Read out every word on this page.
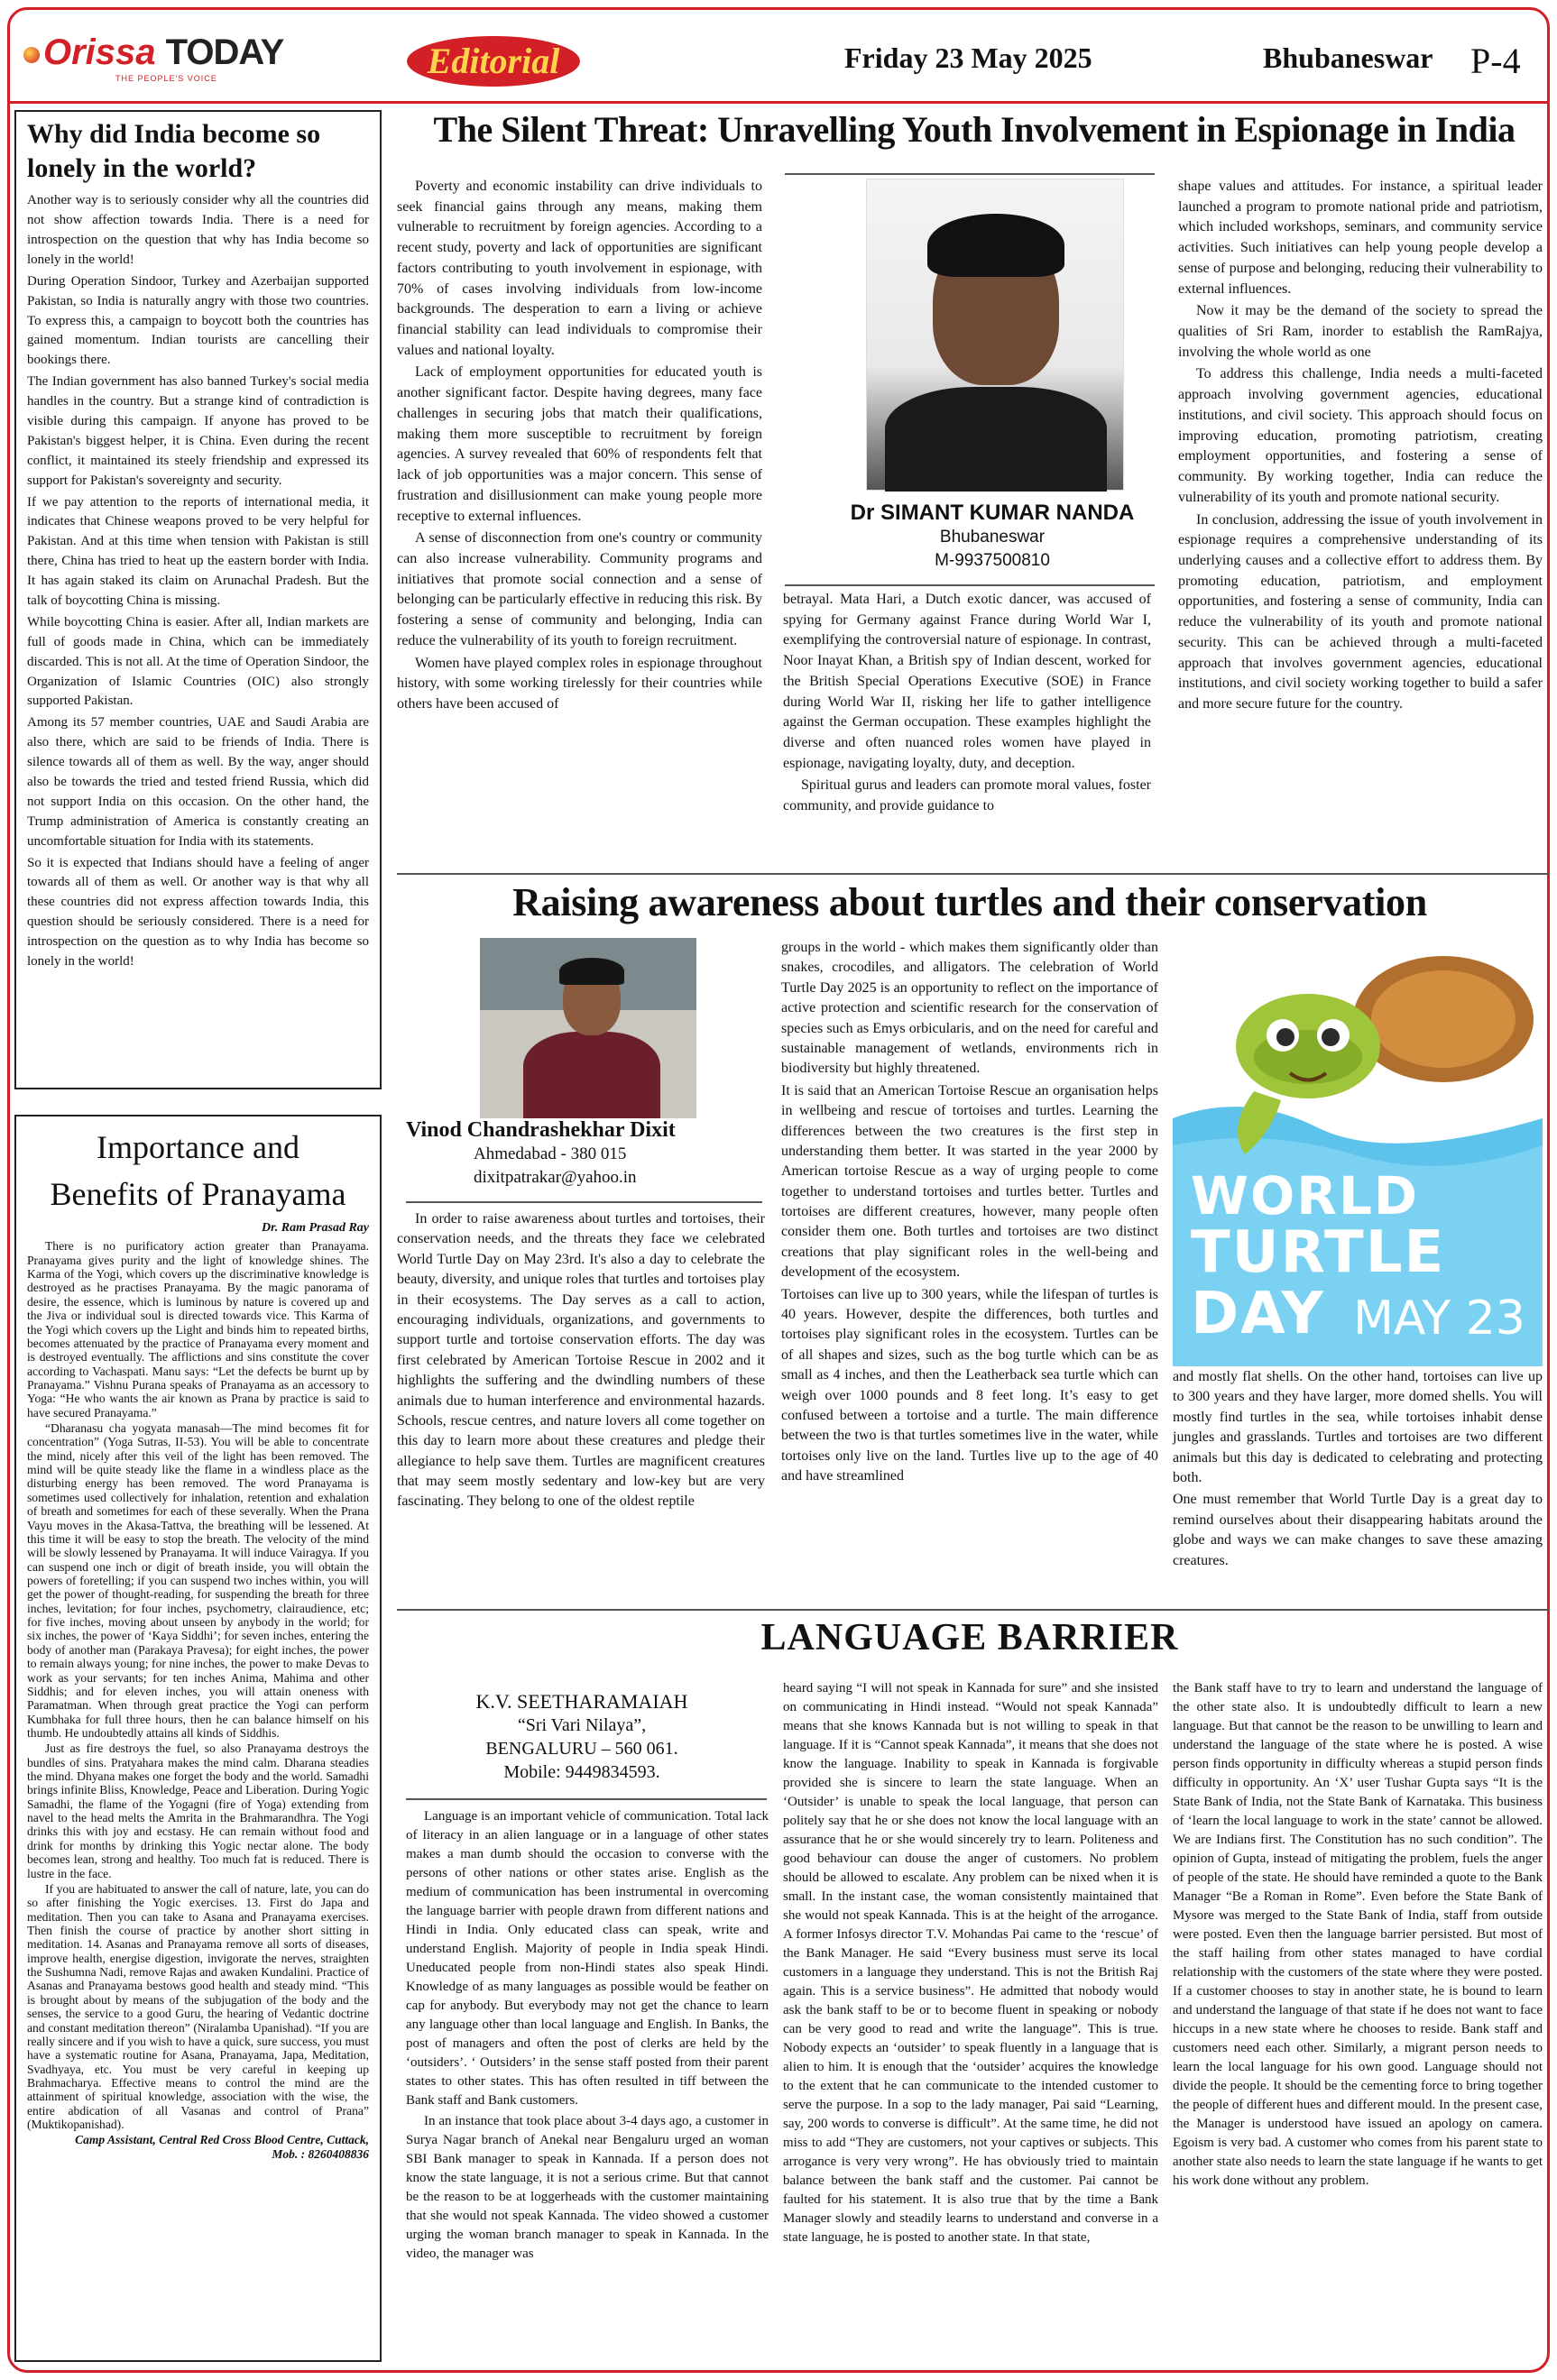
Orissa TODAY
THE PEOPLE'S VOICE	Editorial	Friday 23 May 2025	Bhubaneswar P-4
Why did India become so lonely in the world?

Another way is to seriously consider why all the countries did not show affection towards India. There is a need for introspection on the question that why has India become so lonely in the world!

During Operation Sindoor, Turkey and Azerbaijan supported Pakistan, so India is naturally angry with those two countries. To express this, a campaign to boycott both the countries has gained momentum. Indian tourists are cancelling their bookings there.

The Indian government has also banned Turkey's social media handles in the country. But a strange kind of contradiction is visible during this campaign. If anyone has proved to be Pakistan's biggest helper, it is China. Even during the recent conflict, it maintained its steely friendship and expressed its support for Pakistan's sovereignty and security.

If we pay attention to the reports of international media, it indicates that Chinese weapons proved to be very helpful for Pakistan. And at this time when tension with Pakistan is still there, China has tried to heat up the eastern border with India. It has again staked its claim on Arunachal Pradesh. But the talk of boycotting China is missing.

While boycotting China is easier. After all, Indian markets are full of goods made in China, which can be immediately discarded. This is not all. At the time of Operation Sindoor, the Organization of Islamic Countries (OIC) also strongly supported Pakistan.

Among its 57 member countries, UAE and Saudi Arabia are also there, which are said to be friends of India. There is silence towards all of them as well. By the way, anger should also be towards the tried and tested friend Russia, which did not support India on this occasion. On the other hand, the Trump administration of America is constantly creating an uncomfortable situation for India with its statements.

So it is expected that Indians should have a feeling of anger towards all of them as well. Or another way is that why all these countries did not express affection towards India, this question should be seriously considered. There is a need for introspection on the question as to why India has become so lonely in the world!

Importance and
Benefits of Pranayama
Dr. Ram Prasad Ray

There is no purificatory action greater than Pranayama. Pranayama gives purity and the light of knowledge shines. The Karma of the Yogi, which covers up the discriminative knowledge is destroyed as he practises Pranayama. By the magic panorama of desire, the essence, which is luminous by nature is covered up and the Jiva or individual soul is directed towards vice. This Karma of the Yogi which covers up the Light and binds him to repeated births, becomes attenuated by the practice of Pranayama every moment and is destroyed eventually. The afflictions and sins constitute the cover according to Vachaspati. Manu says: “Let the defects be burnt up by Pranayama.” Vishnu Purana speaks of Pranayama as an accessory to Yoga: “He who wants the air known as Prana by practice is said to have secured Pranayama.”

“Dharanasu cha yogyata manasah—The mind becomes fit for concentration” (Yoga Sutras, II-53). You will be able to concentrate the mind, nicely after this veil of the light has been removed. The mind will be quite steady like the flame in a windless place as the disturbing energy has been removed. The word Pranayama is sometimes used collectively for inhalation, retention and exhalation of breath and sometimes for each of these severally. When the Prana Vayu moves in the Akasa-Tattva, the breathing will be lessened. At this time it will be easy to stop the breath. The velocity of the mind will be slowly lessened by Pranayama. It will induce Vairagya. If you can suspend one inch or digit of breath inside, you will obtain the powers of foretelling; if you can suspend two inches within, you will get the power of thought-reading, for suspending the breath for three inches, levitation; for four inches, psychometry, clairaudience, etc; for five inches, moving about unseen by anybody in the world; for six inches, the power of ‘Kaya Siddhi’; for seven inches, entering the body of another man (Parakaya Pravesa); for eight inches, the power to remain always young; for nine inches, the power to make Devas to work as your servants; for ten inches Anima, Mahima and other Siddhis; and for eleven inches, you will attain oneness with Paramatman. When through great practice the Yogi can perform Kumbhaka for full three hours, then he can balance himself on his thumb. He undoubtedly attains all kinds of Siddhis.

Just as fire destroys the fuel, so also Pranayama destroys the bundles of sins. Pratyahara makes the mind calm. Dharana steadies the mind. Dhyana makes one forget the body and the world. Samadhi brings infinite Bliss, Knowledge, Peace and Liberation. During Yogic Samadhi, the flame of the Yogagni (fire of Yoga) extending from navel to the head melts the Amrita in the Brahmarandhra. The Yogi drinks this with joy and ecstasy. He can remain without food and drink for months by drinking this Yogic nectar alone. The body becomes lean, strong and healthy. Too much fat is reduced. There is lustre in the face.

If you are habituated to answer the call of nature, late, you can do so after finishing the Yogic exercises. 13. First do Japa and meditation. Then you can take to Asana and Pranayama exercises. Then finish the course of practice by another short sitting in meditation. 14. Asanas and Pranayama remove all sorts of diseases, improve health, energise digestion, invigorate the nerves, straighten the Sushumna Nadi, remove Rajas and awaken Kundalini. Practice of Asanas and Pranayama bestows good health and steady mind. “This is brought about by means of the subjugation of the body and the senses, the service to a good Guru, the hearing of Vedantic doctrine and constant meditation thereon” (Niralamba Upanishad). “If you are really sincere and if you wish to have a quick, sure success, you must have a systematic routine for Asana, Pranayama, Japa, Meditation, Svadhyaya, etc. You must be very careful in keeping up Brahmacharya. Effective means to control the mind are the attainment of spiritual knowledge, association with the wise, the entire abdication of all Vasanas and control of Prana” (Muktikopanishad).

Camp Assistant, Central Red Cross Blood Centre, Cuttack,
Mob. : 8260408836
The Silent Threat: Unravelling Youth Involvement in Espionage in India

Poverty and economic instability can drive individuals to seek financial gains through any means, making them vulnerable to recruitment by foreign agencies. According to a recent study, poverty and lack of opportunities are significant factors contributing to youth involvement in espionage, with 70% of cases involving individuals from low-income backgrounds. The desperation to earn a living or achieve financial stability can lead individuals to compromise their values and national loyalty.

Lack of employment opportunities for educated youth is another significant factor. Despite having degrees, many face challenges in securing jobs that match their qualifications, making them more susceptible to recruitment by foreign agencies. A survey revealed that 60% of respondents felt that lack of job opportunities was a major concern. This sense of frustration and disillusionment can make young people more receptive to external influences.

A sense of disconnection from one's country or community can also increase vulnerability. Community programs and initiatives that promote social connection and a sense of belonging can be particularly effective in reducing this risk. By fostering a sense of community and belonging, India can reduce the vulnerability of its youth to foreign recruitment.

Women have played complex roles in espionage throughout history, with some working tirelessly for their countries while others have been accused of

Dr SIMANT KUMAR NANDA
Bhubaneswar
M-9937500810

betrayal. Mata Hari, a Dutch exotic dancer, was accused of spying for Germany against France during World War I, exemplifying the controversial nature of espionage. In contrast, Noor Inayat Khan, a British spy of Indian descent, worked for the British Special Operations Executive (SOE) in France during World War II, risking her life to gather intelligence against the German occupation. These examples highlight the diverse and often nuanced roles women have played in espionage, navigating loyalty, duty, and deception.

Spiritual gurus and leaders can promote moral values, foster community, and provide guidance to

shape values and attitudes. For instance, a spiritual leader launched a program to promote national pride and patriotism, which included workshops, seminars, and community service activities. Such initiatives can help young people develop a sense of purpose and belonging, reducing their vulnerability to external influences.

Now it may be the demand of the society to spread the qualities of Sri Ram, inorder to establish the RamRajya, involving the whole world as one

To address this challenge, India needs a multi-faceted approach involving government agencies, educational institutions, and civil society. This approach should focus on improving education, promoting patriotism, creating employment opportunities, and fostering a sense of community. By working together, India can reduce the vulnerability of its youth and promote national security.

In conclusion, addressing the issue of youth involvement in espionage requires a comprehensive understanding of its underlying causes and a collective effort to address them. By promoting education, patriotism, and employment opportunities, and fostering a sense of community, India can reduce the vulnerability of its youth and promote national security. This can be achieved through a multi-faceted approach that involves government agencies, educational institutions, and civil society working together to build a safer and more secure future for the country.

Raising awareness about turtles and their conservation
Vinod Chandrashekhar Dixit
Ahmedabad - 380 015
dixitpatrakar@yahoo.in

In order to raise awareness about turtles and tortoises, their conservation needs, and the threats they face we celebrated World Turtle Day on May 23rd. It's also a day to celebrate the beauty, diversity, and unique roles that turtles and tortoises play in their ecosystems. The Day serves as a call to action, encouraging individuals, organizations, and governments to support turtle and tortoise conservation efforts. The day was first celebrated by American Tortoise Rescue in 2002 and it highlights the suffering and the dwindling numbers of these animals due to human interference and environmental hazards. Schools, rescue centres, and nature lovers all come together on this day to learn more about these creatures and pledge their allegiance to help save them. Turtles are magnificent creatures that may seem mostly sedentary and low-key but are very fascinating. They belong to one of the oldest reptile

groups in the world - which makes them significantly older than snakes, crocodiles, and alligators. The celebration of World Turtle Day 2025 is an opportunity to reflect on the importance of active protection and scientific research for the conservation of species such as Emys orbicularis, and on the need for careful and sustainable management of wetlands, environments rich in biodiversity but highly threatened.

It is said that an American Tortoise Rescue an organisation helps in wellbeing and rescue of tortoises and turtles. Learning the differences between the two creatures is the first step in understanding them better. It was started in the year 2000 by American tortoise Rescue as a way of urging people to come together to understand tortoises and turtles better. Turtles and tortoises are different creatures, however, many people often consider them one. Both turtles and tortoises are two distinct creations that play significant roles in the well-being and development of the ecosystem.

Tortoises can live up to 300 years, while the lifespan of turtles is 40 years. However, despite the differences, both turtles and tortoises play significant roles in the ecosystem. Turtles can be of all shapes and sizes, such as the bog turtle which can be as small as 4 inches, and then the Leatherback sea turtle which can weigh over 1000 pounds and 8 feet long. It’s easy to get confused between a tortoise and a turtle. The main difference between the two is that turtles sometimes live in the water, while tortoises only live on the land. Turtles live up to the age of 40 and have streamlined

WORLD
TURTLE
DAY MAY 23

and mostly flat shells. On the other hand, tortoises can live up to 300 years and they have larger, more domed shells. You will mostly find turtles in the sea, while tortoises inhabit dense jungles and grasslands. Turtles and tortoises are two different animals but this day is dedicated to celebrating and protecting both.

One must remember that World Turtle Day is a great day to remind ourselves about their disappearing habitats around the globe and ways we can make changes to save these amazing creatures.

LANGUAGE BARRIER
K.V. SEETHARAMAIAH
“Sri Vari Nilaya”,
BENGALURU – 560 061.
Mobile: 9449834593.

Language is an important vehicle of communication. Total lack of literacy in an alien language or in a language of other states makes a man dumb should the occasion to converse with the persons of other nations or other states arise. English as the medium of communication has been instrumental in overcoming the language barrier with people drawn from different nations and Hindi in India. Only educated class can speak, write and understand English. Majority of people in India speak Hindi. Uneducated people from non-Hindi states also speak Hindi. Knowledge of as many languages as possible would be feather on cap for anybody. But everybody may not get the chance to learn any language other than local language and English. In Banks, the post of managers and often the post of clerks are held by the ‘outsiders’. ‘ Outsiders’ in the sense staff posted from their parent states to other states. This has often resulted in tiff between the Bank staff and Bank customers.

In an instance that took place about 3-4 days ago, a customer in Surya Nagar branch of Anekal near Bengaluru urged an woman SBI Bank manager to speak in Kannada. If a person does not know the state language, it is not a serious crime. But that cannot be the reason to be at loggerheads with the customer maintaining that she would not speak Kannada. The video showed a customer urging the woman branch manager to speak in Kannada. In the video, the manager was

heard saying “I will not speak in Kannada for sure” and she insisted on communicating in Hindi instead. “Would not speak Kannada” means that she knows Kannada but is not willing to speak in that language. If it is “Cannot speak Kannada”, it means that she does not know the language. Inability to speak in Kannada is forgivable provided she is sincere to learn the state language. When an ‘Outsider’ is unable to speak the local language, that person can politely say that he or she does not know the local language with an assurance that he or she would sincerely try to learn. Politeness and good behaviour can douse the anger of customers. No problem should be allowed to escalate. Any problem can be nixed when it is small. In the instant case, the woman consistently maintained that she would not speak Kannada. This is at the height of the arrogance. A former Infosys director T.V. Mohandas Pai came to the ‘rescue’ of the Bank Manager. He said “Every business must serve its local customers in a language they understand. This is not the British Raj again. This is a service business”. He admitted that nobody would ask the bank staff to be or to become fluent in speaking or nobody can be very good to read and write the language”. This is true. Nobody expects an ‘outsider’ to speak fluently in a language that is alien to him. It is enough that the ‘outsider’ acquires the knowledge to the extent that he can communicate to the intended customer to serve the purpose. In a sop to the lady manager, Pai said “Learning, say, 200 words to converse is difficult”. At the same time, he did not miss to add “They are customers, not your captives or subjects. This arrogance is very very wrong”. He has obviously tried to maintain balance between the bank staff and the customer. Pai cannot be faulted for his statement. It is also true that by the time a Bank Manager slowly and steadily learns to understand and converse in a state language, he is posted to another state. In that state,

the Bank staff have to try to learn and understand the language of the other state also. It is undoubtedly difficult to learn a new language. But that cannot be the reason to be unwilling to learn and understand the language of the state where he is posted. A wise person finds opportunity in difficulty whereas a stupid person finds difficulty in opportunity. An ‘X’ user Tushar Gupta says “It is the State Bank of India, not the State Bank of Karnataka. This business of ‘learn the local language to work in the state’ cannot be allowed. We are Indians first. The Constitution has no such condition”. The opinion of Gupta, instead of mitigating the problem, fuels the anger of people of the state. He should have reminded a quote to the Bank Manager “Be a Roman in Rome”. Even before the State Bank of Mysore was merged to the State Bank of India, staff from outside were posted. Even then the language barrier persisted. But most of the staff hailing from other states managed to have cordial relationship with the customers of the state where they were posted. If a customer chooses to stay in another state, he is bound to learn and understand the language of that state if he does not want to face hiccups in a new state where he chooses to reside. Bank staff and customers need each other. Similarly, a migrant person needs to learn the local language for his own good. Language should not divide the people. It should be the cementing force to bring together the people of different hues and different mould. In the present case, the Manager is understood have issued an apology on camera. Egoism is very bad. A customer who comes from his parent state to another state also needs to learn the state language if he wants to get his work done without any problem.
